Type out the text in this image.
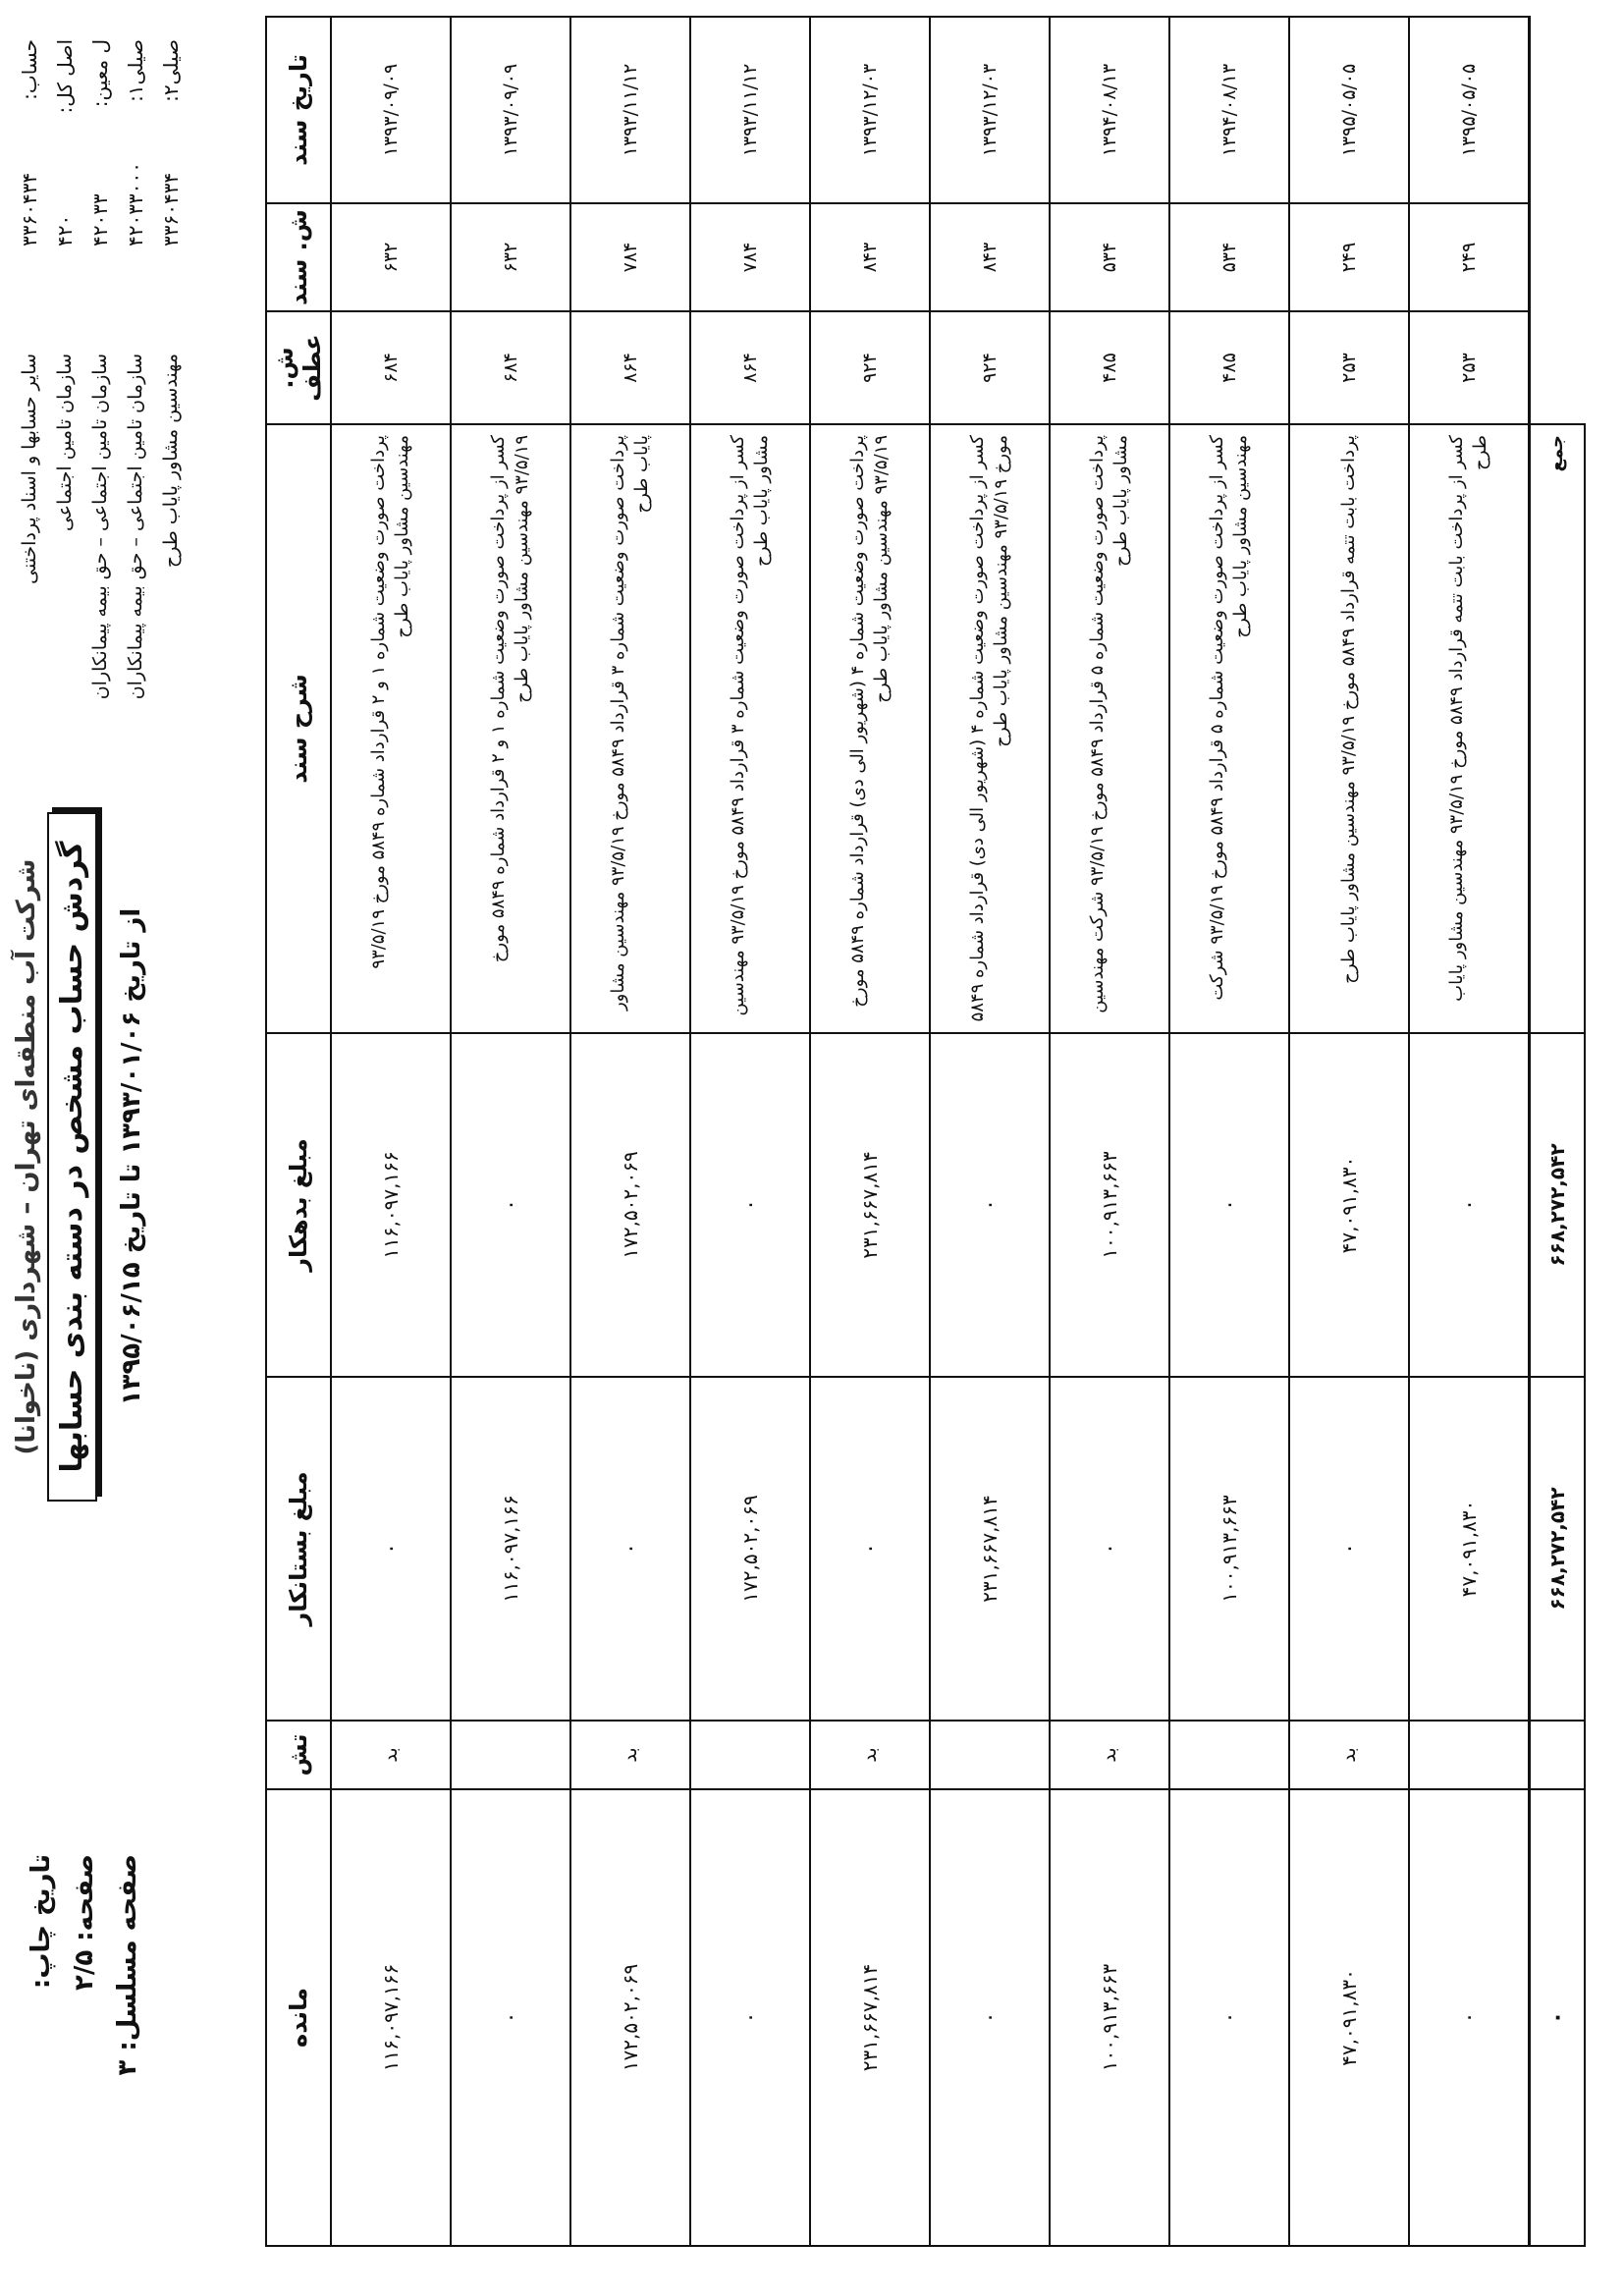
حساب: اصل کل: ل معین: صیلی۱:
صیلی۲:
۳۳۶۰۴۳۴ ۴۲۰ ۴۲۰۳۳ ۴۲۰۳۳۰۰۰ ۳۳۶۰۴۳۴
سایر حسابها و اسناد پرداختنی سازمان تامین اجتماعی سازمان تامین اجتماعی – حق بیمه پیمانکاران سازمان تامین اجتماعی – حق بیمه پیمانکاران مهندسین مشاور پایاب طرح
شرکت آب منطقه‌ای تهران – شهرداری (ناخوانا) گردش حساب مشخص در دسته بندی حسابها از تاریخ ۱۳۹۳/۰۱/۰۶ تا تاریخ ۱۳۹۵/۰۶/۱۵
تاریخ چاپ: صفحه: ۲/۵ صفحه مسلسل: ۳
تاریخ سند	ش. سند	ش. عطف	شرح سند	مبلغ بدهکار	مبلغ بستانکار	تش	مانده
۱۳۹۳/۰۹/۰۹	۶۳۲	۶۸۴	پرداخت صورت وضعیت شماره ۱ و ۲ قرارداد شماره ۵۸۴۹ مورخ ۹۳/۵/۱۹ مهندسین مشاور پایاب طرح	۱۱۶,۰۹۷,۱۶۶	۰	بد	۱۱۶,۰۹۷,۱۶۶
۱۳۹۳/۰۹/۰۹	۶۳۲	۶۸۴	کسر از پرداخت صورت وضعیت شماره ۱ و ۲ قرارداد شماره ۵۸۴۹ مورخ ۹۳/۵/۱۹ مهندسین مشاور پایاب طرح	۰	۱۱۶,۰۹۷,۱۶۶		۰
۱۳۹۳/۱۱/۱۲	۷۸۴	۸۶۴	پرداخت صورت وضعیت شماره ۳ قرارداد ۵۸۴۹ مورخ ۹۳/۵/۱۹ مهندسین مشاور پایاب طرح	۱۷۲,۵۰۲,۰۶۹	۰	بد	۱۷۲,۵۰۲,۰۶۹
۱۳۹۳/۱۱/۱۲	۷۸۴	۸۶۴	کسر از پرداخت صورت وضعیت شماره ۳ قرارداد ۵۸۴۹ مورخ ۹۳/۵/۱۹ مهندسین مشاور پایاب طرح	۰	۱۷۲,۵۰۲,۰۶۹		۰
۱۳۹۳/۱۲/۰۳	۸۴۳	۹۲۴	پرداخت صورت وضعیت شماره ۴ (شهریور الی دی) قرارداد شماره ۵۸۴۹ مورخ ۹۳/۵/۱۹ مهندسین مشاور پایاب طرح	۲۳۱,۶۶۷,۸۱۴	۰	بد	۲۳۱,۶۶۷,۸۱۴
۱۳۹۳/۱۲/۰۳	۸۴۳	۹۲۴	کسر از پرداخت صورت وضعیت شماره ۴ (شهریور الی دی) قرارداد شماره ۵۸۴۹ مورخ ۹۳/۵/۱۹ مهندسین مشاور پایاب طرح	۰	۲۳۱,۶۶۷,۸۱۴		۰
۱۳۹۴/۰۸/۱۳	۵۳۴	۴۸۵	پرداخت صورت وضعیت شماره ۵ قرارداد ۵۸۴۹ مورخ ۹۳/۵/۱۹ شرکت مهندسین مشاور پایاب طرح	۱۰۰,۹۱۳,۶۶۳	۰	بد	۱۰۰,۹۱۳,۶۶۳
۱۳۹۴/۰۸/۱۳	۵۳۴	۴۸۵	کسر از پرداخت صورت وضعیت شماره ۵ قرارداد ۵۸۴۹ مورخ ۹۳/۵/۱۹ شرکت مهندسین مشاور پایاب طرح	۰	۱۰۰,۹۱۳,۶۶۳		۰
۱۳۹۵/۰۵/۰۵	۲۴۹	۲۵۳	پرداخت بابت تتمه قرارداد ۵۸۴۹ مورخ ۹۳/۵/۱۹ مهندسین مشاور پایاب طرح	۴۷,۰۹۱,۸۳۰	۰	بد	۴۷,۰۹۱,۸۳۰
۱۳۹۵/۰۵/۰۵	۲۴۹	۲۵۳	کسر از پرداخت بابت تتمه قرارداد ۵۸۴۹ مورخ ۹۳/۵/۱۹ مهندسین مشاور پایاب طرح	۰	۴۷,۰۹۱,۸۳۰		۰
			جمع	۶۶۸,۲۷۲,۵۴۲	۶۶۸,۲۷۲,۵۴۲		۰
